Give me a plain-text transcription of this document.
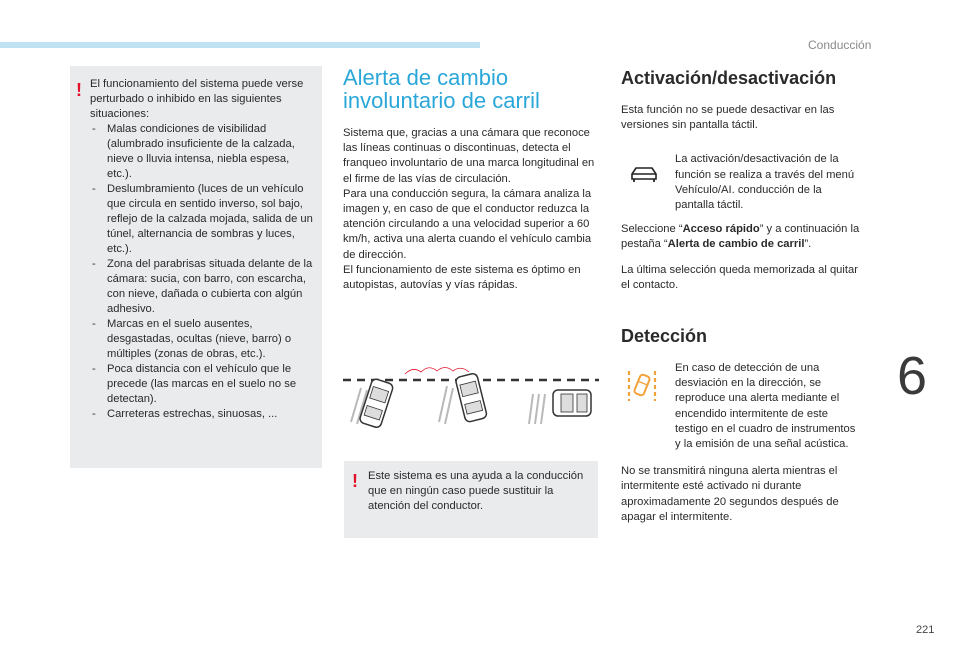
Conducción
6
221
! El funcionamiento del sistema puede verse perturbado o inhibido en las siguientes situaciones:

- Malas condiciones de visibilidad (alumbrado insuficiente de la calzada, nieve o lluvia intensa, niebla espesa, etc.).
- Deslumbramiento (luces de un vehículo que circula en sentido inverso, sol bajo, reflejo de la calzada mojada, salida de un túnel, alternancia de sombras y luces, etc.).
- Zona del parabrisas situada delante de la cámara: sucia, con barro, con escarcha, con nieve, dañada o cubierta con algún adhesivo.
- Marcas en el suelo ausentes, desgastadas, ocultas (nieve, barro) o múltiples (zonas de obras, etc.).
- Poca distancia con el vehículo que le precede (las marcas en el suelo no se detectan).
- Carreteras estrechas, sinuosas, ...
Alerta de cambio involuntario de carril

Sistema que, gracias a una cámara que reconoce las líneas continuas o discontinuas, detecta el franqueo involuntario de una marca longitudinal en el firme de las vías de circulación.

Para una conducción segura, la cámara analiza la imagen y, en caso de que el conductor reduzca la atención circulando a una velocidad superior a 60 km/h, activa una alerta cuando el vehículo cambia de dirección.

El funcionamiento de este sistema es óptimo en autopistas, autovías y vías rápidas.

! Este sistema es una ayuda a la conducción que en ningún caso puede sustituir la atención del conductor.

Activación/desactivación

Esta función no se puede desactivar en las versiones sin pantalla táctil.

La activación/desactivación de la función se realiza a través del menú Vehículo/AI. conducción de la pantalla táctil.

Seleccione “Acceso rápido” y a continuación la pestaña “Alerta de cambio de carril”.

La última selección queda memorizada al quitar el contacto.

Detección

En caso de detección de una desviación en la dirección, se reproduce una alerta mediante el encendido intermitente de este testigo en el cuadro de instrumentos y la emisión de una señal acústica.

No se transmitirá ninguna alerta mientras el intermitente esté activado ni durante aproximadamente 20 segundos después de apagar el intermitente.
